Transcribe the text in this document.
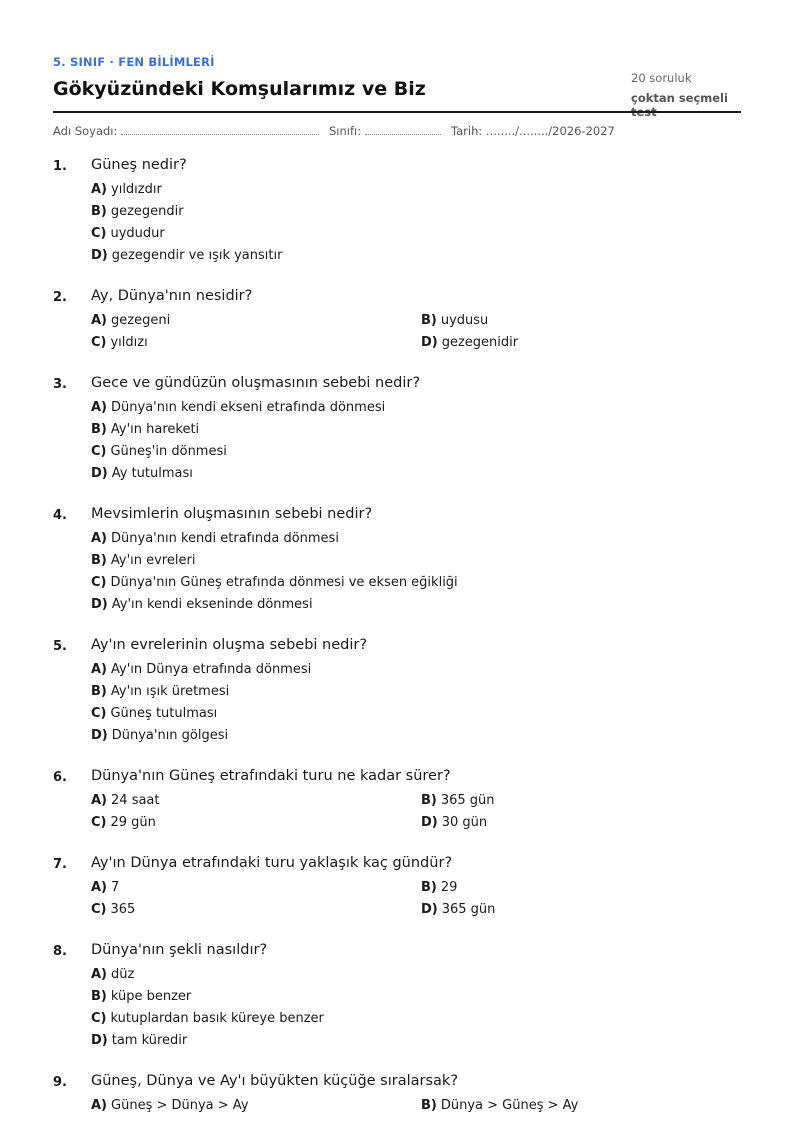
5. SINIF · FEN BİLİMLERİ
Gökyüzündeki Komşularımız ve Biz	20 soruluk
çoktan seçmeli
Adı Soyadı:	Sınıfı:	Tarih: ......../......../2026-2027
1. Güneş nedir?
A) yıldızdır
B) gezegendir
C) uydudur
D) gezegendir ve ışık yansıtır
2. Ay, Dünya'nın nesidir?
A) gezegeni	B) uydusu
C) yıldızı	D) gezegenidir
3. Gece ve gündüzün oluşmasının sebebi nedir?
A) Dünya'nın kendi ekseni etrafında dönmesi
B) Ay'ın hareketi
C) Güneş'in dönmesi
D) Ay tutulması
4. Mevsimlerin oluşmasının sebebi nedir?
A) Dünya'nın kendi etrafında dönmesi
B) Ay'ın evreleri
C) Dünya'nın Güneş etrafında dönmesi ve eksen eğikliği
D) Ay'ın kendi ekseninde dönmesi
5. Ay'ın evrelerinin oluşma sebebi nedir?
A) Ay'ın Dünya etrafında dönmesi
B) Ay'ın ışık üretmesi
C) Güneş tutulması
D) Dünya'nın gölgesi
6. Dünya'nın Güneş etrafındaki turu ne kadar sürer?
A) 24 saat	B) 365 gün
C) 29 gün	D) 30 gün
7. Ay'ın Dünya etrafındaki turu yaklaşık kaç gündür?
A) 7	B) 29
C) 365	D) 365 gün
8. Dünya'nın şekli nasıldır?
A) düz
B) küpe benzer
C) kutuplardan basık küreye benzer
D) tam küredir
9. Güneş, Dünya ve Ay'ı büyükten küçüğe sıralarsak?
A) Güneş > Dünya > Ay	B) Dünya > Güneş > Ay
